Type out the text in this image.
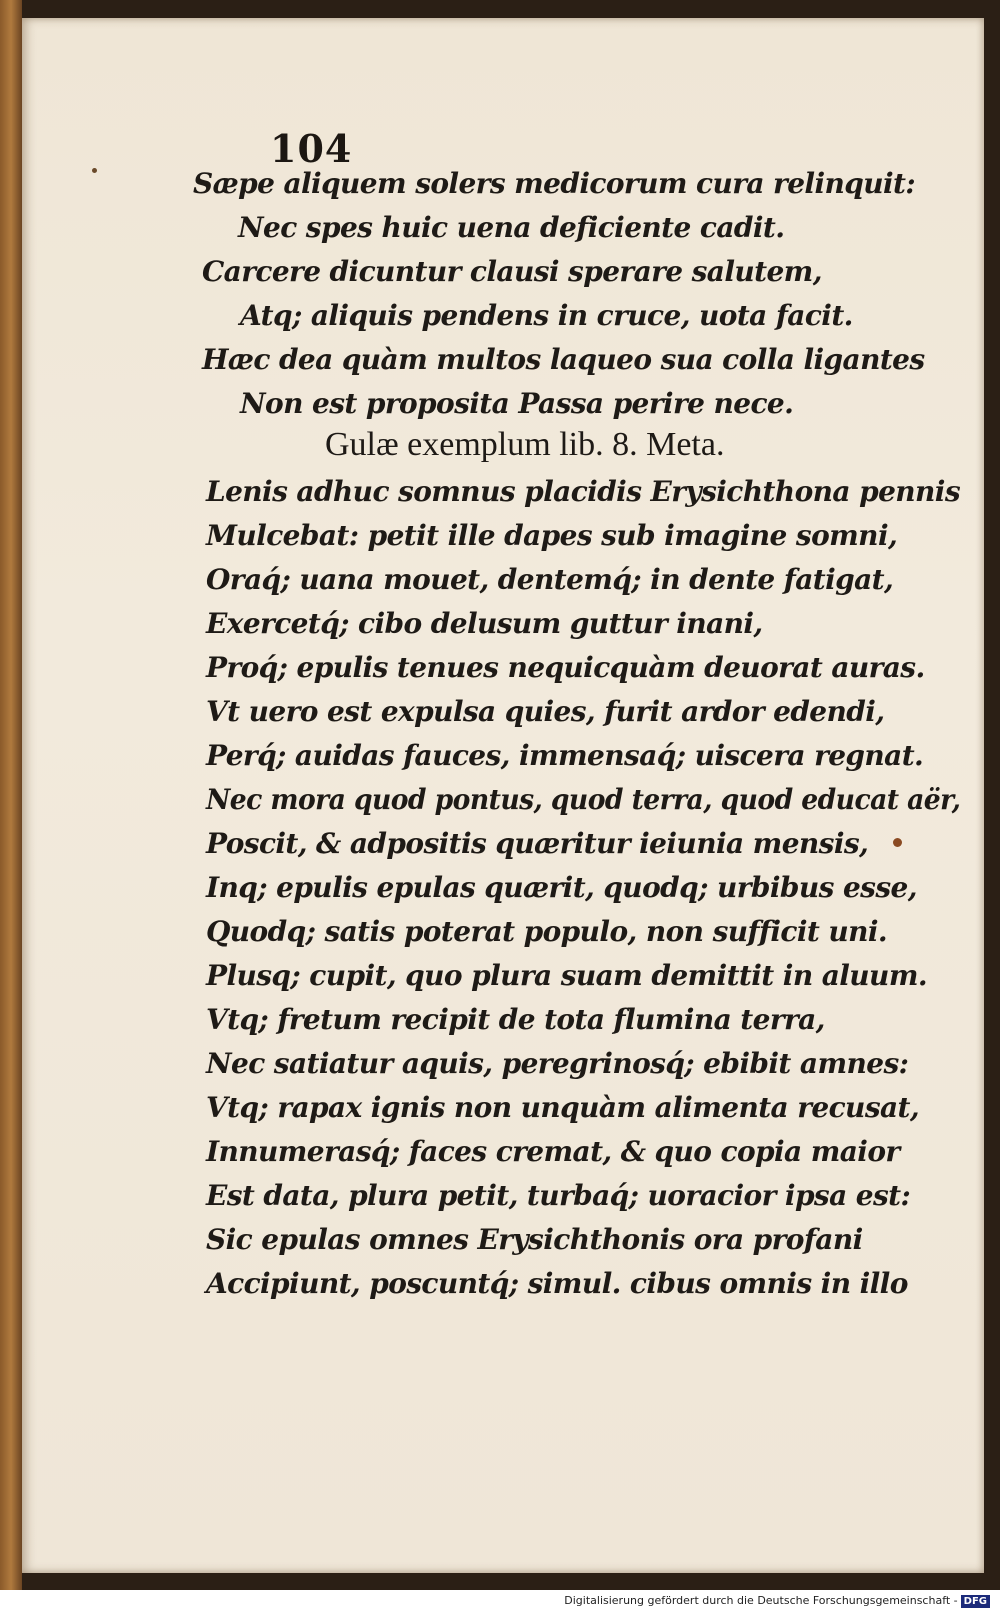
104
Sæpe aliquem solers medicorum cura relinquit:
Nec spes huic uena deficiente cadit.
Carcere dicuntur clausi sperare salutem,
Atq; aliquis pendens in cruce, uota facit.
Hæc dea quàm multos laqueo sua colla ligantes
Non est proposita Passa perire nece.
Gulæ exemplum lib. 8. Meta.
Lenis adhuc somnus placidis Erysichthona pennis
Mulcebat: petit ille dapes sub imagine somni,
Oraq́; uana mouet, dentemq́; in dente fatigat,
Exercetq́; cibo delusum guttur inani,
Proq́; epulis tenues nequicquàm deuorat auras.
Vt uero est expulsa quies, furit ardor edendi,
Perq́; auidas fauces, immensaq́; uiscera regnat.
Nec mora quod pontus, quod terra, quod educat aër,
Poscit, & adpositis quæritur ieiunia mensis,
Inq; epulis epulas quærit, quodq; urbibus esse,
Quodq; satis poterat populo, non sufficit uni.
Plusq; cupit, quo plura suam demittit in aluum.
Vtq; fretum recipit de tota flumina terra,
Nec satiatur aquis, peregrinosq́; ebibit amnes:
Vtq; rapax ignis non unquàm alimenta recusat,
Innumerasq́; faces cremat, & quo copia maior
Est data, plura petit, turbaq́; uoracior ipsa est:
Sic epulas omnes Erysichthonis ora profani
Accipiunt, poscuntq́; simul. cibus omnis in illo
Digitalisierung gefördert durch die Deutsche Forschungsgemeinschaft - DFG
